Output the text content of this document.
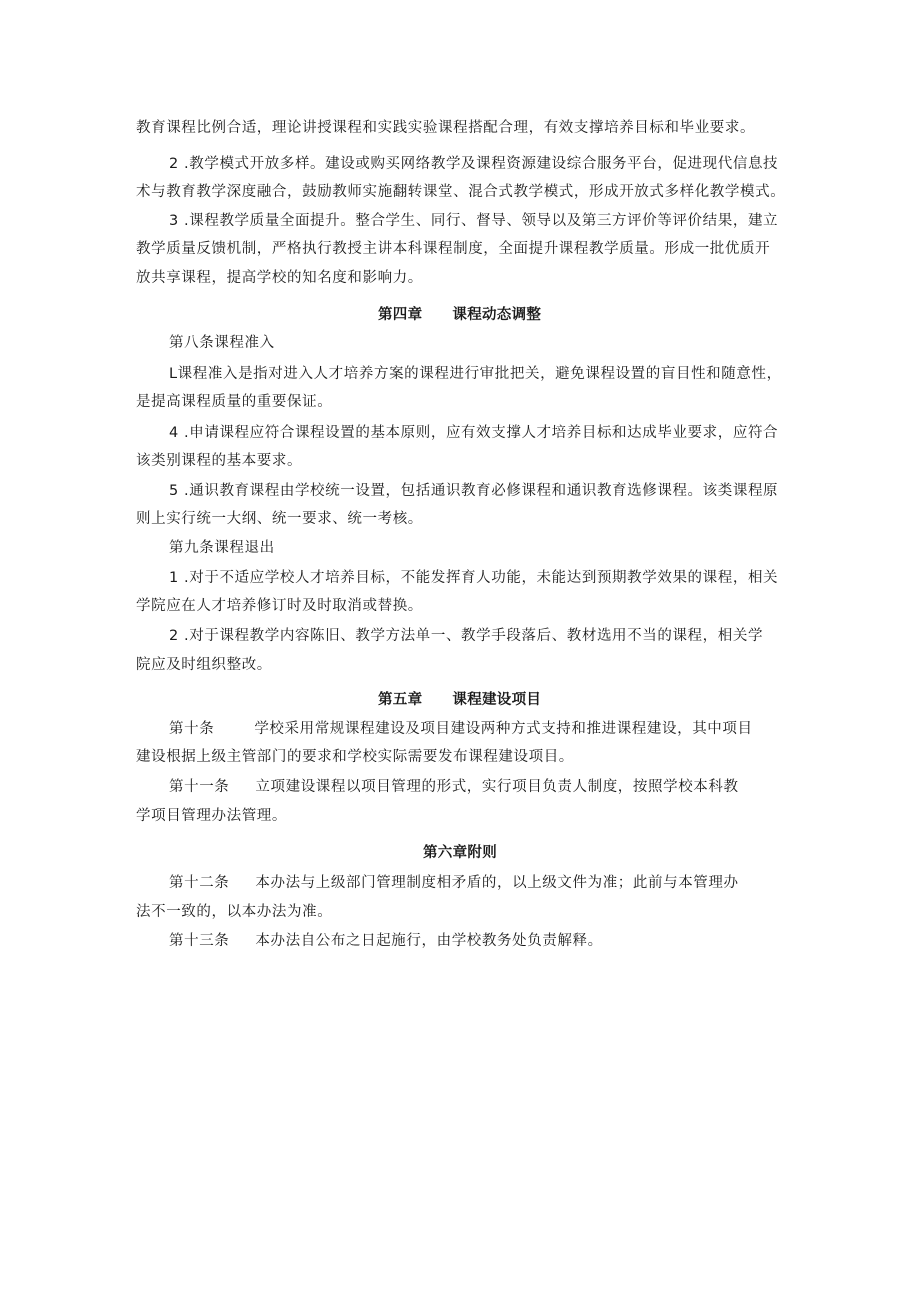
教育课程比例合适，理论讲授课程和实践实验课程搭配合理，有效支撑培养目标和毕业要求。
2 .教学模式开放多样。建设或购买网络教学及课程资源建设综合服务平台，促进现代信息技
术与教育教学深度融合，鼓励教师实施翻转课堂、混合式教学模式，形成开放式多样化教学模式。
3 .课程教学质量全面提升。整合学生、同行、督导、领导以及第三方评价等评价结果，建立
教学质量反馈机制，严格执行教授主讲本科课程制度，全面提升课程教学质量。形成一批优质开
放共享课程，提高学校的知名度和影响力。
第四章 课程动态调整
第八条课程准入
L课程准入是指对进入人才培养方案的课程进行审批把关，避免课程设置的盲目性和随意性，
是提高课程质量的重要保证。
4 .申请课程应符合课程设置的基本原则，应有效支撑人才培养目标和达成毕业要求，应符合
该类别课程的基本要求。
5 .通识教育课程由学校统一设置，包括通识教育必修课程和通识教育选修课程。该类课程原
则上实行统一大纲、统一要求、统一考核。
第九条课程退出
1 .对于不适应学校人才培养目标，不能发挥育人功能，未能达到预期教学效果的课程，相关
学院应在人才培养修订时及时取消或替换。
2 .对于课程教学内容陈旧、教学方法单一、教学手段落后、教材选用不当的课程，相关学
院应及时组织整改。
第五章 课程建设项目
第十条	学校采用常规课程建设及项目建设两种方式支持和推进课程建设，其中项目
建设根据上级主管部门的要求和学校实际需要发布课程建设项目。
第十一条 立项建设课程以项目管理的形式，实行项目负责人制度，按照学校本科教
学项目管理办法管理。
第六章附则
第十二条 本办法与上级部门管理制度相矛盾的，以上级文件为准；此前与本管理办
法不一致的，以本办法为准。
第十三条 本办法自公布之日起施行，由学校教务处负责解释。
